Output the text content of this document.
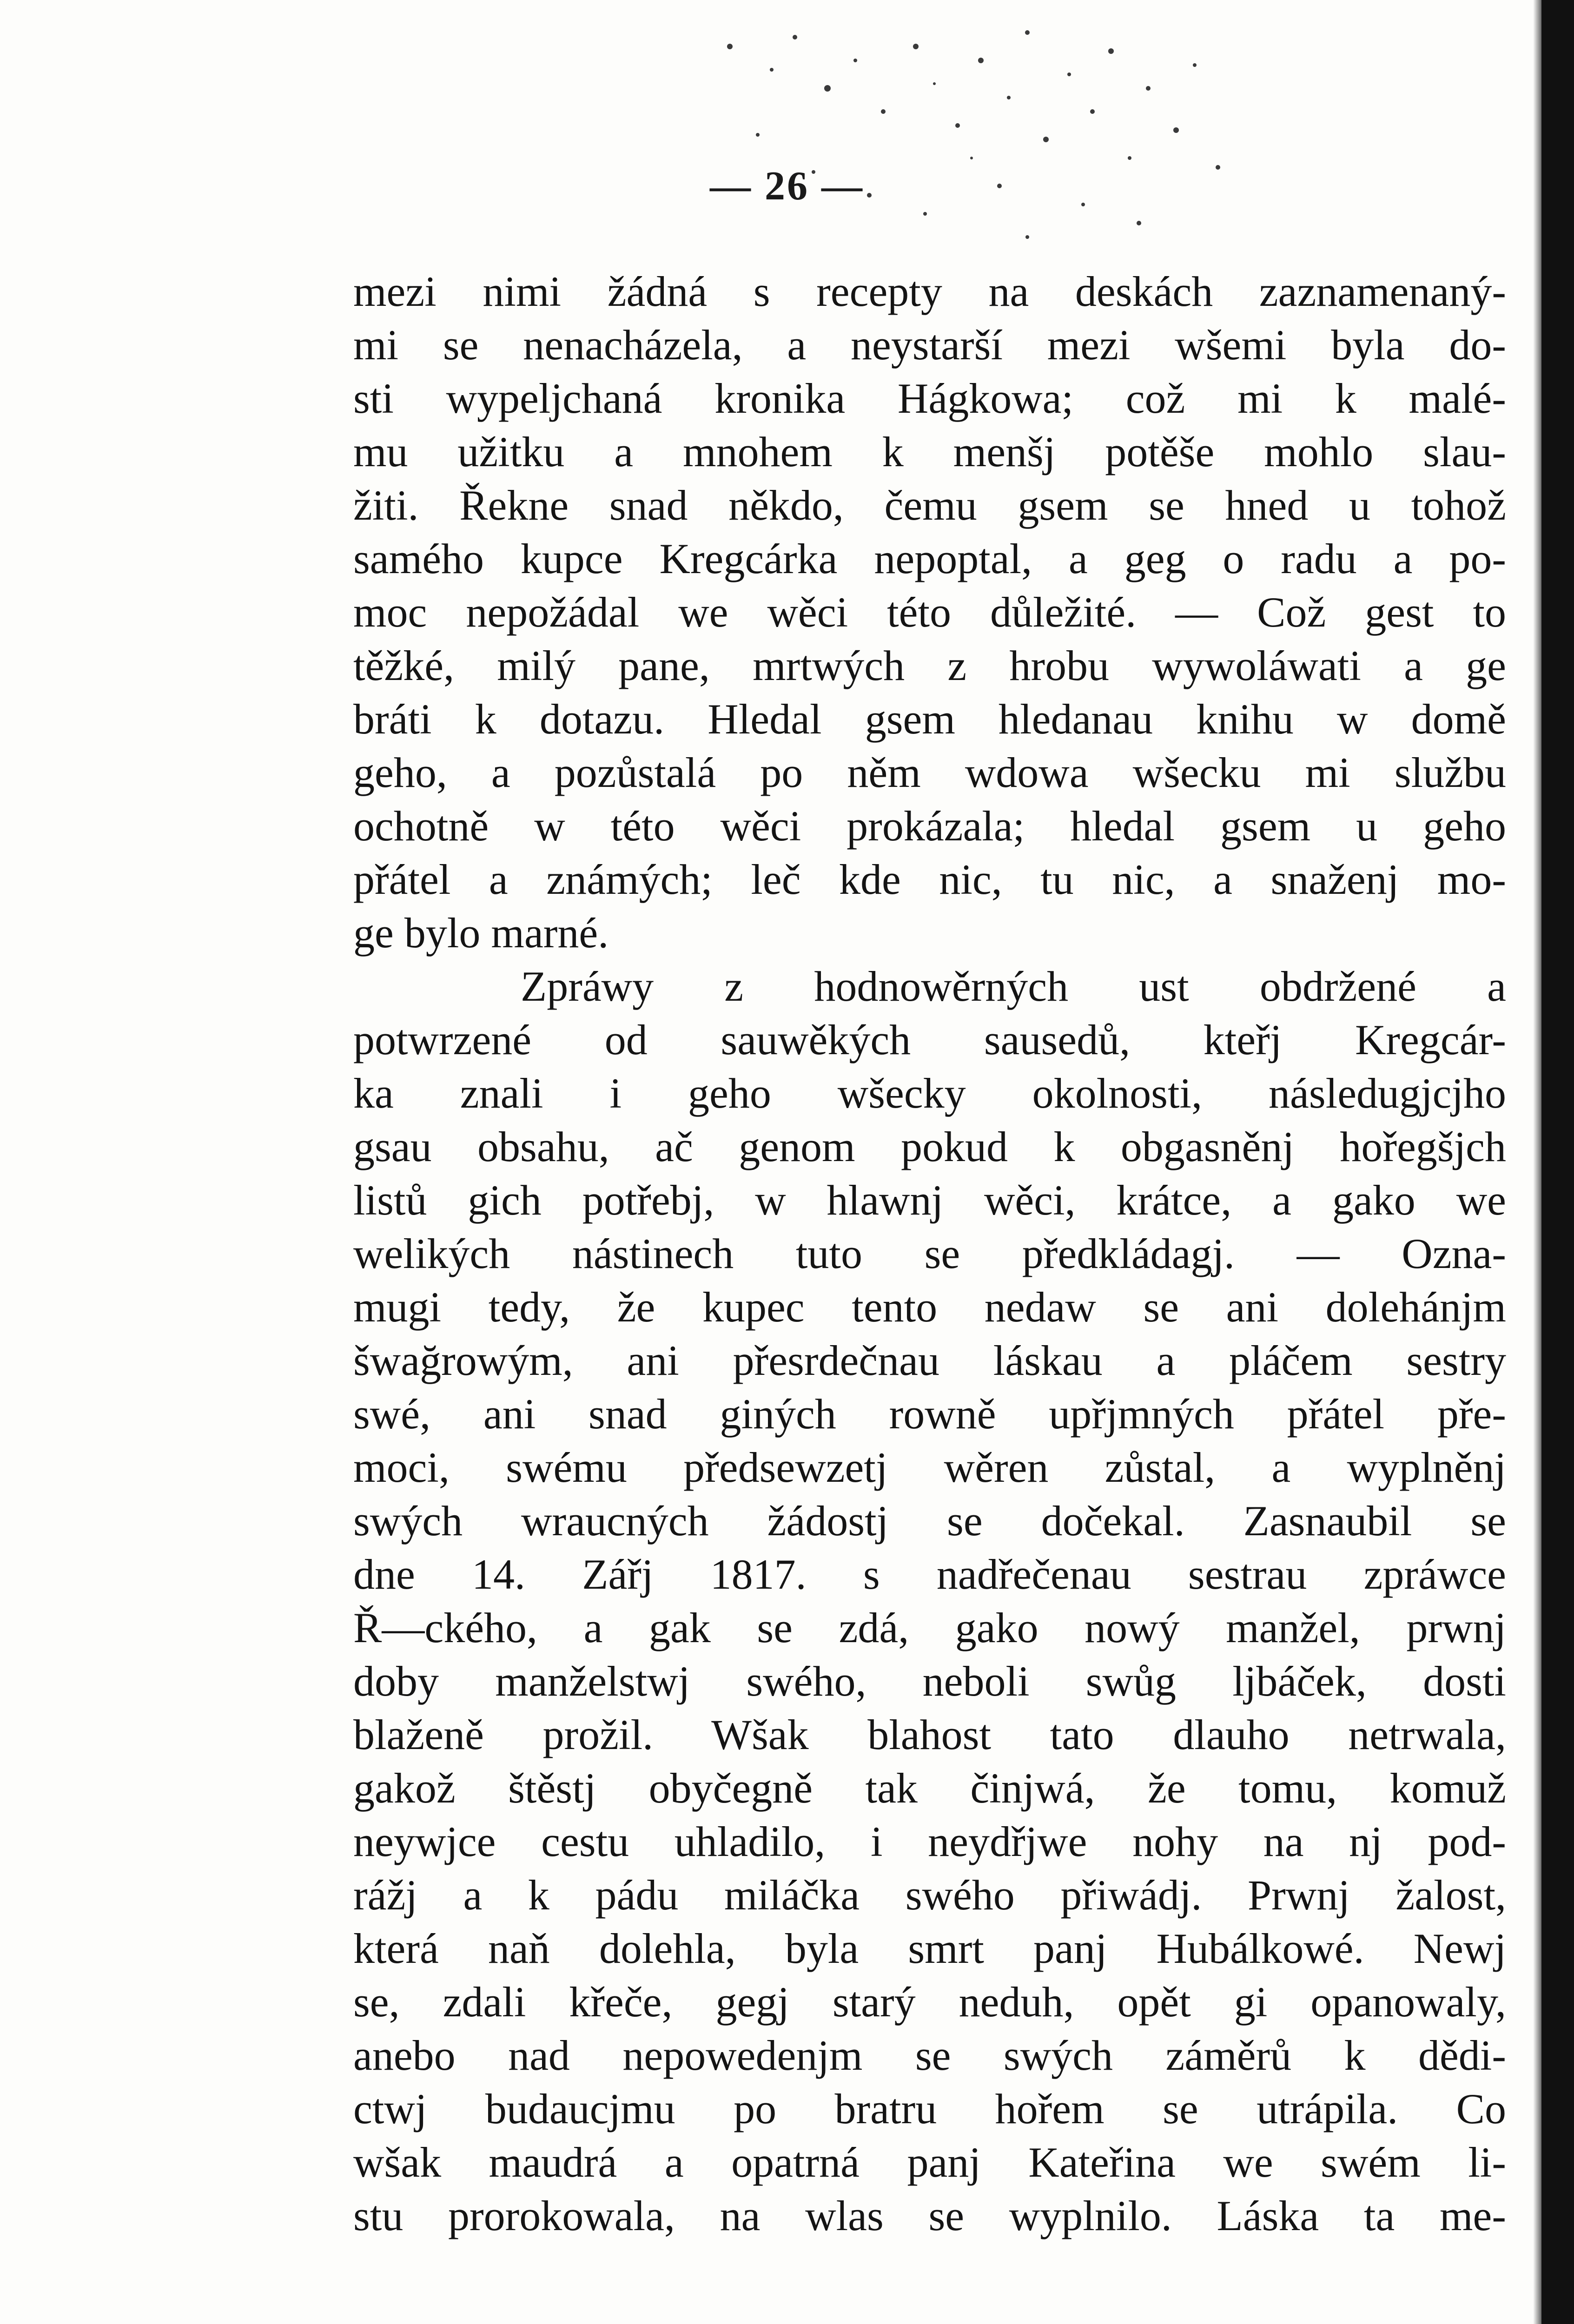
— 26 —
mezi nimi žádná s recepty na deskách zaznamenaný-
mi se nenacházela, a neystarší mezi wšemi byla do-
sti wypeljchaná kronika Hágkowa; což mi k malé-
mu užitku a mnohem k menšj potěše mohlo slau-
žiti. Řekne snad někdo, čemu gsem se hned u tohož
samého kupce Kregcárka nepoptal, a geg o radu a po-
moc nepožádal we wěci této důležité. — Což gest to
těžké, milý pane, mrtwých z hrobu wywoláwati a ge
bráti k dotazu. Hledal gsem hledanau knihu w domě
geho, a pozůstalá po něm wdowa wšecku mi službu
ochotně w této wěci prokázala; hledal gsem u geho
přátel a známých; leč kde nic, tu nic, a snaženj mo-
ge bylo marné.
Zpráwy z hodnowěrných ust obdržené a
potwrzené od sauwěkých sausedů, kteřj Kregcár-
ka znali i geho wšecky okolnosti, následugjcjho
gsau obsahu, ač genom pokud k obgasněnj hořegšjch
listů gich potřebj, w hlawnj wěci, krátce, a gako we
welikých nástinech tuto se předkládagj. — Ozna-
mugi tedy, že kupec tento nedaw se ani dolehánjm
šwağrowým, ani přesrdečnau láskau a pláčem sestry
swé, ani snad giných rowně upřjmných přátel pře-
moci, swému předsewzetj wěren zůstal, a wyplněnj
swých wraucných žádostj se dočekal. Zasnaubil se
dne 14. Zářj 1817. s nadřečenau sestrau zpráwce
Ř—ckého, a gak se zdá, gako nowý manžel, prwnj
doby manželstwj swého, neboli swůg ljbáček, dosti
blaženě prožil. Wšak blahost tato dlauho netrwala,
gakož štěstj obyčegně tak činjwá, že tomu, komuž
neywjce cestu uhladilo, i neydřjwe nohy na nj pod-
rážj a k pádu miláčka swého přiwádj. Prwnj žalost,
která naň dolehla, byla smrt panj Hubálkowé. Newj
se, zdali křeče, gegj starý neduh, opět gi opanowaly,
anebo nad nepowedenjm se swých záměrů k dědi-
ctwj budaucjmu po bratru hořem se utrápila. Co
wšak maudrá a opatrná panj Kateřina we swém li-
stu prorokowala, na wlas se wyplnilo. Láska ta me-
